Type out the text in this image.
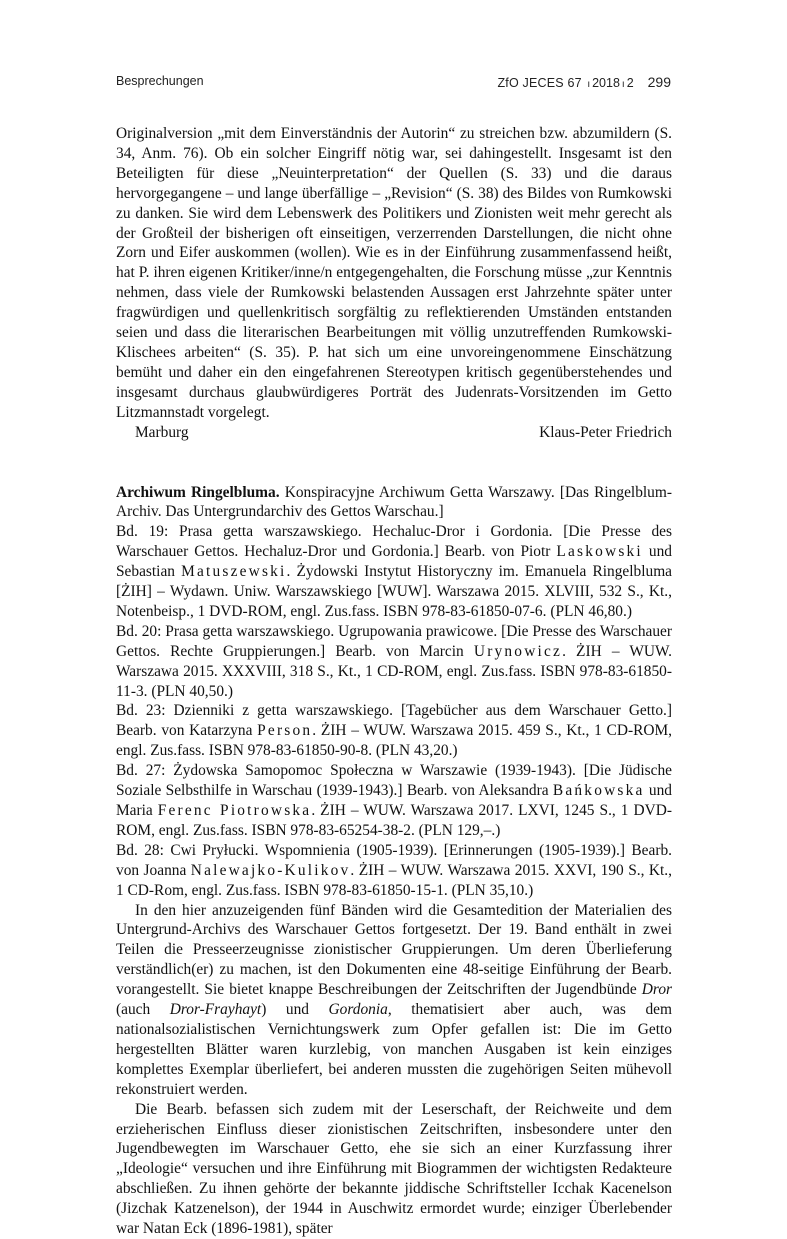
Besprechungen	ZfO JECES 67 ı 2018 ı 2 299

Originalversion „mit dem Einverständnis der Autorin“ zu streichen bzw. abzumildern (S. 34, Anm. 76). Ob ein solcher Eingriff nötig war, sei dahingestellt. Insgesamt ist den Beteiligten für diese „Neuinterpretation“ der Quellen (S. 33) und die daraus hervorgegangene – und lange überfällige – „Revision“ (S. 38) des Bildes von Rumkowski zu danken. Sie wird dem Lebenswerk des Politikers und Zionisten weit mehr gerecht als der Großteil der bisherigen oft einseitigen, verzerrenden Darstellungen, die nicht ohne Zorn und Eifer auskommen (wollen). Wie es in der Einführung zusammenfassend heißt, hat P. ihren eigenen Kritiker/inne/n entgegengehalten, die Forschung müsse „zur Kenntnis nehmen, dass viele der Rumkowski belastenden Aussagen erst Jahrzehnte später unter fragwürdigen und quellenkritisch sorgfältig zu reflektierenden Umständen entstanden seien und dass die literarischen Bearbeitungen mit völlig unzutreffenden Rumkowski-Klischees arbeiten“ (S. 35). P. hat sich um eine unvoreingenommene Einschätzung bemüht und daher ein den eingefahrenen Stereotypen kritisch gegenüberstehendes und insgesamt durchaus glaubwürdigeres Porträt des Judenrats-Vorsitzenden im Getto Litzmannstadt vorgelegt.

Marburg	Klaus-Peter Friedrich

Archiwum Ringelbluma. Konspiracyjne Archiwum Getta Warszawy. [Das Ringelblum-Archiv. Das Untergrundarchiv des Gettos Warschau.]

Bd. 19: Prasa getta warszawskiego. Hechaluc-Dror i Gordonia. [Die Presse des Warschauer Gettos. Hechaluz-Dror und Gordonia.] Bearb. von Piotr Laskowski und Sebastian Matuszewski. Żydowski Instytut Historyczny im. Emanuela Ringelbluma [ŻIH] – Wydawn. Uniw. Warszawskiego [WUW]. Warszawa 2015. XLVIII, 532 S., Kt., Notenbeisp., 1 DVD-ROM, engl. Zus.fass. ISBN 978-83-61850-07-6. (PLN 46,80.)

Bd. 20: Prasa getta warszawskiego. Ugrupowania prawicowe. [Die Presse des Warschauer Gettos. Rechte Gruppierungen.] Bearb. von Marcin Urynowicz. ŻIH – WUW. Warszawa 2015. XXXVIII, 318 S., Kt., 1 CD-ROM, engl. Zus.fass. ISBN 978-83-61850-11-3. (PLN 40,50.)

Bd. 23: Dzienniki z getta warszawskiego. [Tagebücher aus dem Warschauer Getto.] Bearb. von Katarzyna Person. ŻIH – WUW. Warszawa 2015. 459 S., Kt., 1 CD-ROM, engl. Zus.fass. ISBN 978-83-61850-90-8. (PLN 43,20.)

Bd. 27: Żydowska Samopomoc Społeczna w Warszawie (1939-1943). [Die Jüdische Soziale Selbsthilfe in Warschau (1939-1943).] Bearb. von Aleksandra Bańkowska und Maria Ferenc Piotrowska. ŻIH – WUW. Warszawa 2017. LXVI, 1245 S., 1 DVD-ROM, engl. Zus.fass. ISBN 978-83-65254-38-2. (PLN 129,–.)

Bd. 28: Cwi Pryłucki. Wspomnienia (1905-1939). [Erinnerungen (1905-1939).] Bearb. von Joanna Nalewajko-Kulikov. ŻIH – WUW. Warszawa 2015. XXVI, 190 S., Kt., 1 CD-Rom, engl. Zus.fass. ISBN 978-83-61850-15-1. (PLN 35,10.)

In den hier anzuzeigenden fünf Bänden wird die Gesamtedition der Materialien des Untergrund-Archivs des Warschauer Gettos fortgesetzt. Der 19. Band enthält in zwei Teilen die Presseerzeugnisse zionistischer Gruppierungen. Um deren Überlieferung verständlich(er) zu machen, ist den Dokumenten eine 48-seitige Einführung der Bearb. vorangestellt. Sie bietet knappe Beschreibungen der Zeitschriften der Jugendbünde Dror (auch Dror-Frayhayt) und Gordonia, thematisiert aber auch, was dem nationalsozialistischen Vernichtungswerk zum Opfer gefallen ist: Die im Getto hergestellten Blätter waren kurzlebig, von manchen Ausgaben ist kein einziges komplettes Exemplar überliefert, bei anderen mussten die zugehörigen Seiten mühevoll rekonstruiert werden.

Die Bearb. befassen sich zudem mit der Leserschaft, der Reichweite und dem erzieherischen Einfluss dieser zionistischen Zeitschriften, insbesondere unter den Jugendbewegten im Warschauer Getto, ehe sie sich an einer Kurzfassung ihrer „Ideologie“ versuchen und ihre Einführung mit Biogrammen der wichtigsten Redakteure abschließen. Zu ihnen gehörte der bekannte jiddische Schriftsteller Icchak Kacenelson (Jizchak Katzenelson), der 1944 in Auschwitz ermordet wurde; einziger Überlebender war Natan Eck (1896-1981), später
